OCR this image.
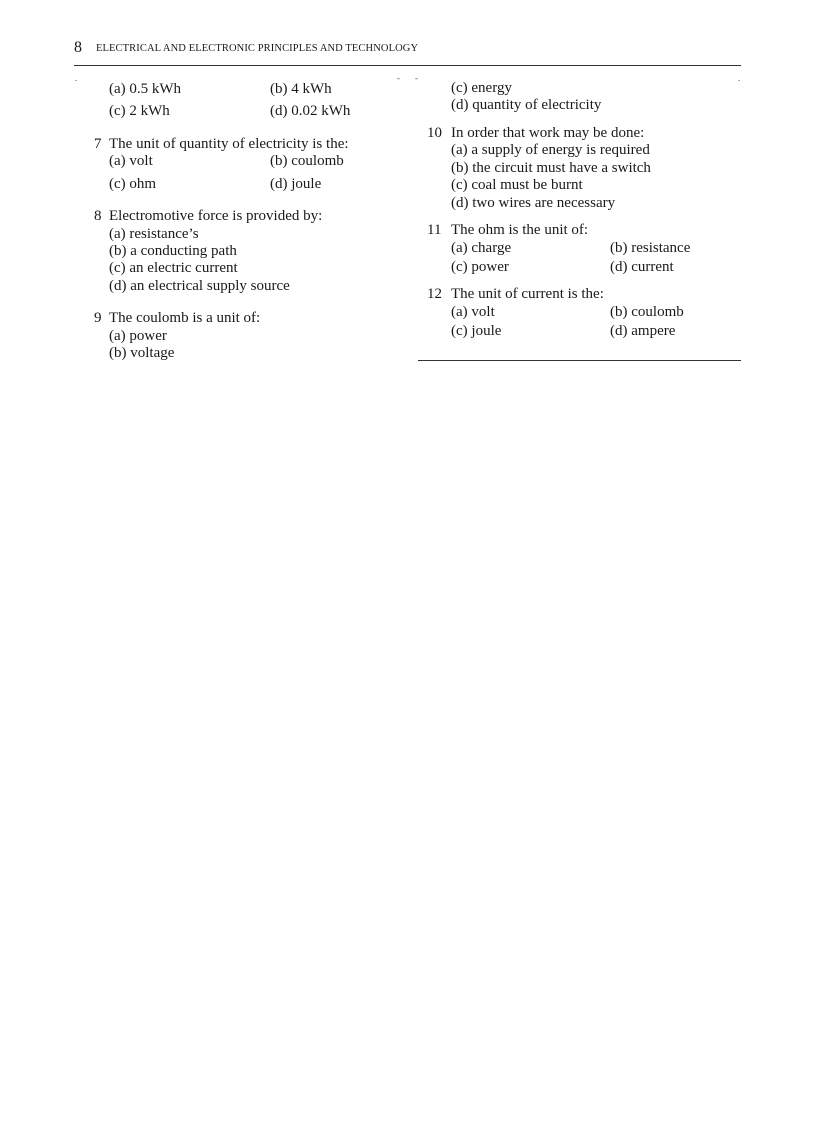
8 ELECTRICAL AND ELECTRONIC PRINCIPLES AND TECHNOLOGY
.	- -	.
(a) 0.5 kWh	(b) 4 kWh
(c) 2 kWh	(d) 0.02 kWh
7 The unit of quantity of electricity is the:
(a) volt	(b) coulomb
(c) ohm	(d) joule
8 Electromotive force is provided by:
(a) resistance’s
(b) a conducting path
(c) an electric current
(d) an electrical supply source
9 The coulomb is a unit of:
(a) power
(b) voltage
(c) energy
(d) quantity of electricity
10 In order that work may be done:
(a) a supply of energy is required
(b) the circuit must have a switch
(c) coal must be burnt
(d) two wires are necessary
11 The ohm is the unit of:
(a) charge	(b) resistance
(c) power	(d) current
12 The unit of current is the:
(a) volt	(b) coulomb
(c) joule	(d) ampere
